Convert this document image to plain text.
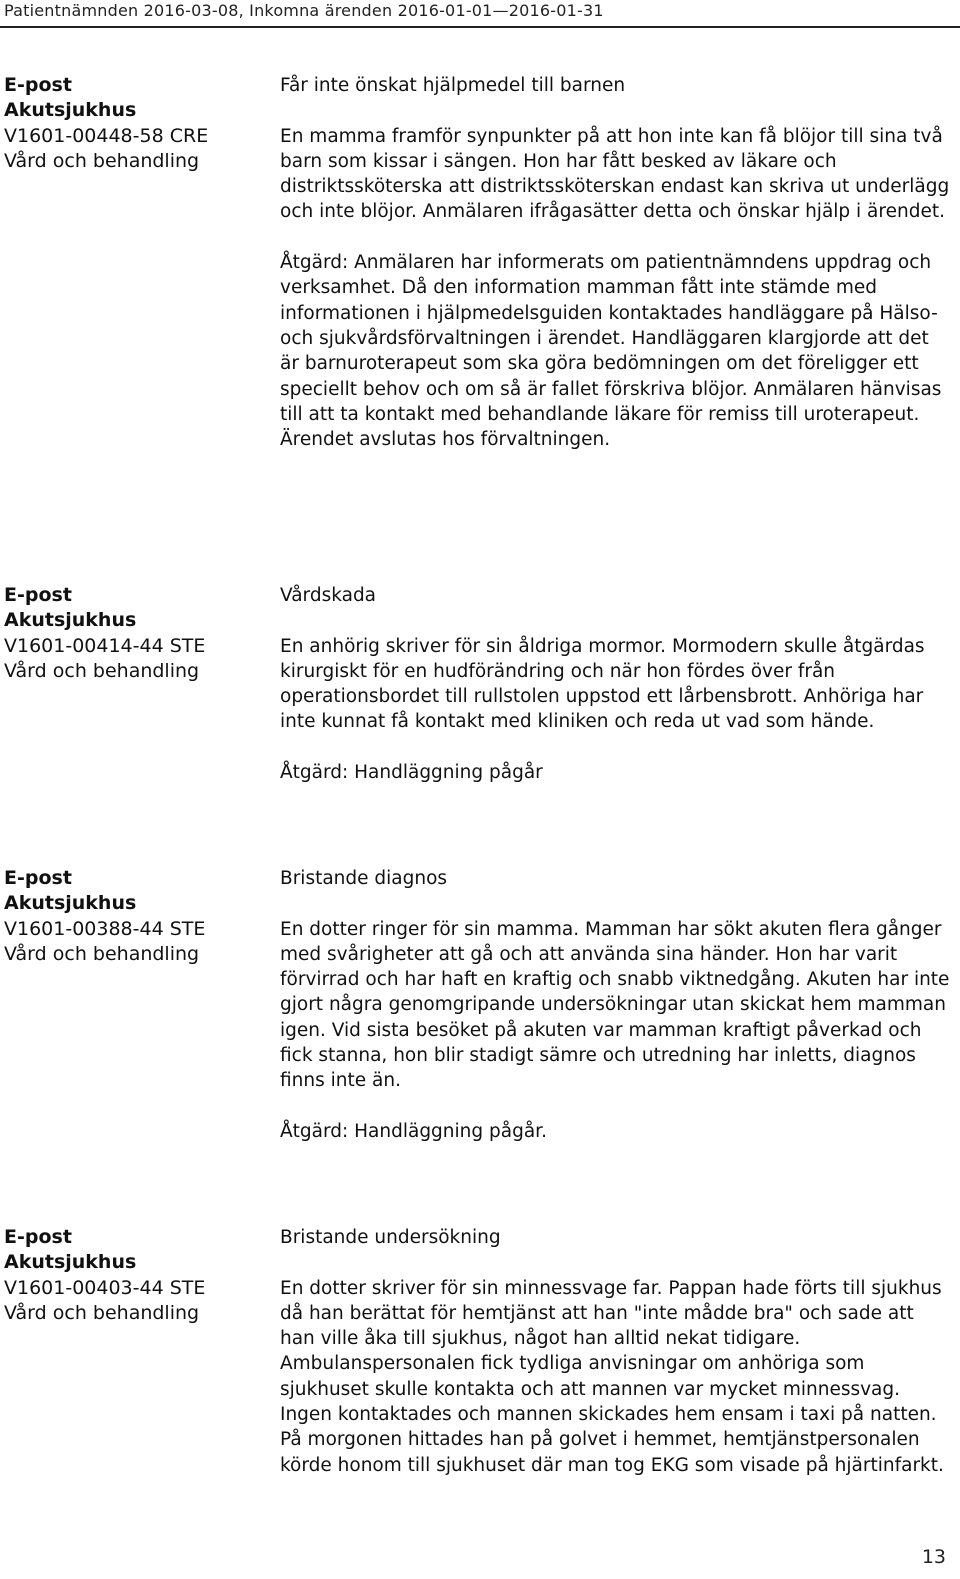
Patientnämnden 2016-03-08, Inkomna ärenden 2016-01-01—2016-01-31
E-post
Akutsjukhus
V1601-00448-58 CRE
Vård och behandling

Får inte önskat hjälpmedel till barnen

En mamma framför synpunkter på att hon inte kan få blöjor till sina två barn som kissar i sängen. Hon har fått besked av läkare och distriktssköterska att distriktssköterskan endast kan skriva ut underlägg och inte blöjor. Anmälaren ifrågasätter detta och önskar hjälp i ärendet.

Åtgärd: Anmälaren har informerats om patientnämndens uppdrag och verksamhet. Då den information mamman fått inte stämde med informationen i hjälpmedelsguiden kontaktades handläggare på Hälso- och sjukvårdsförvaltningen i ärendet. Handläggaren klargjorde att det är barnuroterapeut som ska göra bedömningen om det föreligger ett speciellt behov och om så är fallet förskriva blöjor. Anmälaren hänvisas till att ta kontakt med behandlande läkare för remiss till uroterapeut. Ärendet avslutas hos förvaltningen.

E-post
Akutsjukhus
V1601-00414-44 STE
Vård och behandling

Vårdskada

En anhörig skriver för sin åldriga mormor. Mormodern skulle åtgärdas kirurgiskt för en hudförändring och när hon fördes över från operationsbordet till rullstolen uppstod ett lårbensbrott. Anhöriga har inte kunnat få kontakt med kliniken och reda ut vad som hände.

Åtgärd: Handläggning pågår

E-post
Akutsjukhus
V1601-00388-44 STE
Vård och behandling

Bristande diagnos

En dotter ringer för sin mamma. Mamman har sökt akuten flera gånger med svårigheter att gå och att använda sina händer. Hon har varit förvirrad och har haft en kraftig och snabb viktnedgång. Akuten har inte gjort några genomgripande undersökningar utan skickat hem mamman igen. Vid sista besöket på akuten var mamman kraftigt påverkad och fick stanna, hon blir stadigt sämre och utredning har inletts, diagnos finns inte än.

Åtgärd: Handläggning pågår.

E-post
Akutsjukhus
V1601-00403-44 STE
Vård och behandling

Bristande undersökning

En dotter skriver för sin minnessvage far. Pappan hade förts till sjukhus då han berättat för hemtjänst att han "inte mådde bra" och sade att han ville åka till sjukhus, något han alltid nekat tidigare. Ambulanspersonalen fick tydliga anvisningar om anhöriga som sjukhuset skulle kontakta och att mannen var mycket minnessvag. Ingen kontaktades och mannen skickades hem ensam i taxi på natten. På morgonen hittades han på golvet i hemmet, hemtjänstpersonalen körde honom till sjukhuset där man tog EKG som visade på hjärtinfarkt.

13
